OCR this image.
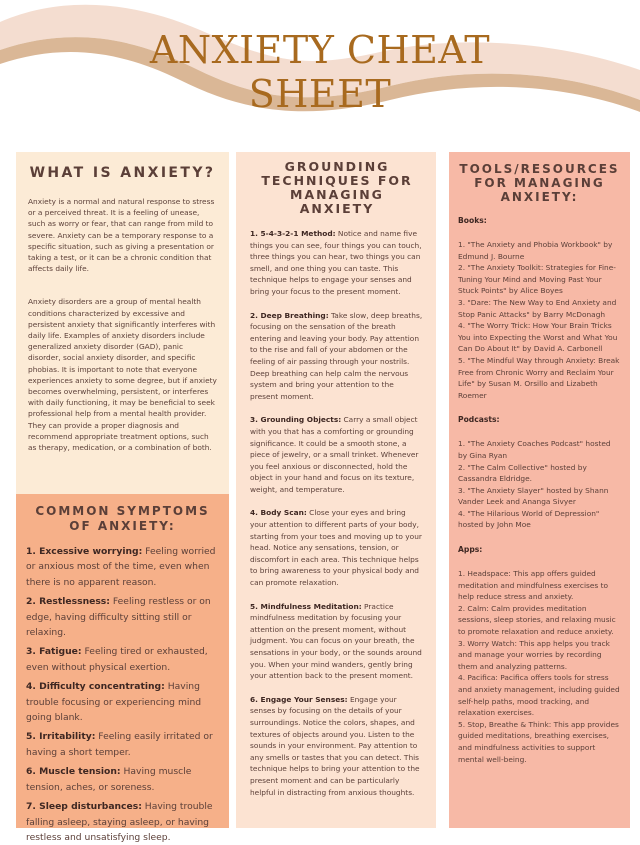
ANXIETY CHEAT
SHEET
WHAT IS ANXIETY?

Anxiety is a normal and natural response to stress or a perceived threat. It is a feeling of unease, such as worry or fear, that can range from mild to severe. Anxiety can be a temporary response to a specific situation, such as giving a presentation or taking a test, or it can be a chronic condition that affects daily life.

Anxiety disorders are a group of mental health conditions characterized by excessive and persistent anxiety that significantly interferes with daily life. Examples of anxiety disorders include generalized anxiety disorder (GAD), panic disorder, social anxiety disorder, and specific phobias. It is important to note that everyone experiences anxiety to some degree, but if anxiety becomes overwhelming, persistent, or interferes with daily functioning, it may be beneficial to seek professional help from a mental health provider. They can provide a proper diagnosis and recommend appropriate treatment options, such as therapy, medication, or a combination of both.

COMMON SYMPTOMS OF ANXIETY:

1. Excessive worrying: Feeling worried or anxious most of the time, even when there is no apparent reason.

2. Restlessness: Feeling restless or on edge, having difficulty sitting still or relaxing.

3. Fatigue: Feeling tired or exhausted, even without physical exertion.

4. Difficulty concentrating: Having trouble focusing or experiencing mind going blank.

5. Irritability: Feeling easily irritated or having a short temper.

6. Muscle tension: Having muscle tension, aches, or soreness.

7. Sleep disturbances: Having trouble falling asleep, staying asleep, or having restless and unsatisfying sleep.

GROUNDING TECHNIQUES FOR MANAGING ANXIETY

1. 5-4-3-2-1 Method: Notice and name five things you can see, four things you can touch, three things you can hear, two things you can smell, and one thing you can taste. This technique helps to engage your senses and bring your focus to the present moment.

2. Deep Breathing: Take slow, deep breaths, focusing on the sensation of the breath entering and leaving your body. Pay attention to the rise and fall of your abdomen or the feeling of air passing through your nostrils. Deep breathing can help calm the nervous system and bring your attention to the present moment.

3. Grounding Objects: Carry a small object with you that has a comforting or grounding significance. It could be a smooth stone, a piece of jewelry, or a small trinket. Whenever you feel anxious or disconnected, hold the object in your hand and focus on its texture, weight, and temperature.

4. Body Scan: Close your eyes and bring your attention to different parts of your body, starting from your toes and moving up to your head. Notice any sensations, tension, or discomfort in each area. This technique helps to bring awareness to your physical body and can promote relaxation.

5. Mindfulness Meditation: Practice mindfulness meditation by focusing your attention on the present moment, without judgment. You can focus on your breath, the sensations in your body, or the sounds around you. When your mind wanders, gently bring your attention back to the present moment.

6. Engage Your Senses: Engage your senses by focusing on the details of your surroundings. Notice the colors, shapes, and textures of objects around you. Listen to the sounds in your environment. Pay attention to any smells or tastes that you can detect. This technique helps to bring your attention to the present moment and can be particularly helpful in distracting from anxious thoughts.

TOOLS/RESOURCES FOR MANAGING ANXIETY:

Books:

1. "The Anxiety and Phobia Workbook" by Edmund J. Bourne

2. "The Anxiety Toolkit: Strategies for Fine-Tuning Your Mind and Moving Past Your Stuck Points" by Alice Boyes

3. "Dare: The New Way to End Anxiety and Stop Panic Attacks" by Barry McDonagh

4. "The Worry Trick: How Your Brain Tricks You into Expecting the Worst and What You Can Do About It" by David A. Carbonell

5. "The Mindful Way through Anxiety: Break Free from Chronic Worry and Reclaim Your Life" by Susan M. Orsillo and Lizabeth Roemer

Podcasts:

1. "The Anxiety Coaches Podcast" hosted by Gina Ryan

2. "The Calm Collective" hosted by Cassandra Eldridge.

3. "The Anxiety Slayer" hosted by Shann Vander Leek and Ananga Sivyer

4. "The Hilarious World of Depression" hosted by John Moe

Apps:

1. Headspace: This app offers guided meditation and mindfulness exercises to help reduce stress and anxiety.

2. Calm: Calm provides meditation sessions, sleep stories, and relaxing music to promote relaxation and reduce anxiety.

3. Worry Watch: This app helps you track and manage your worries by recording them and analyzing patterns.

4. Pacifica: Pacifica offers tools for stress and anxiety management, including guided self-help paths, mood tracking, and relaxation exercises.

5. Stop, Breathe & Think: This app provides guided meditations, breathing exercises, and mindfulness activities to support mental well-being.
